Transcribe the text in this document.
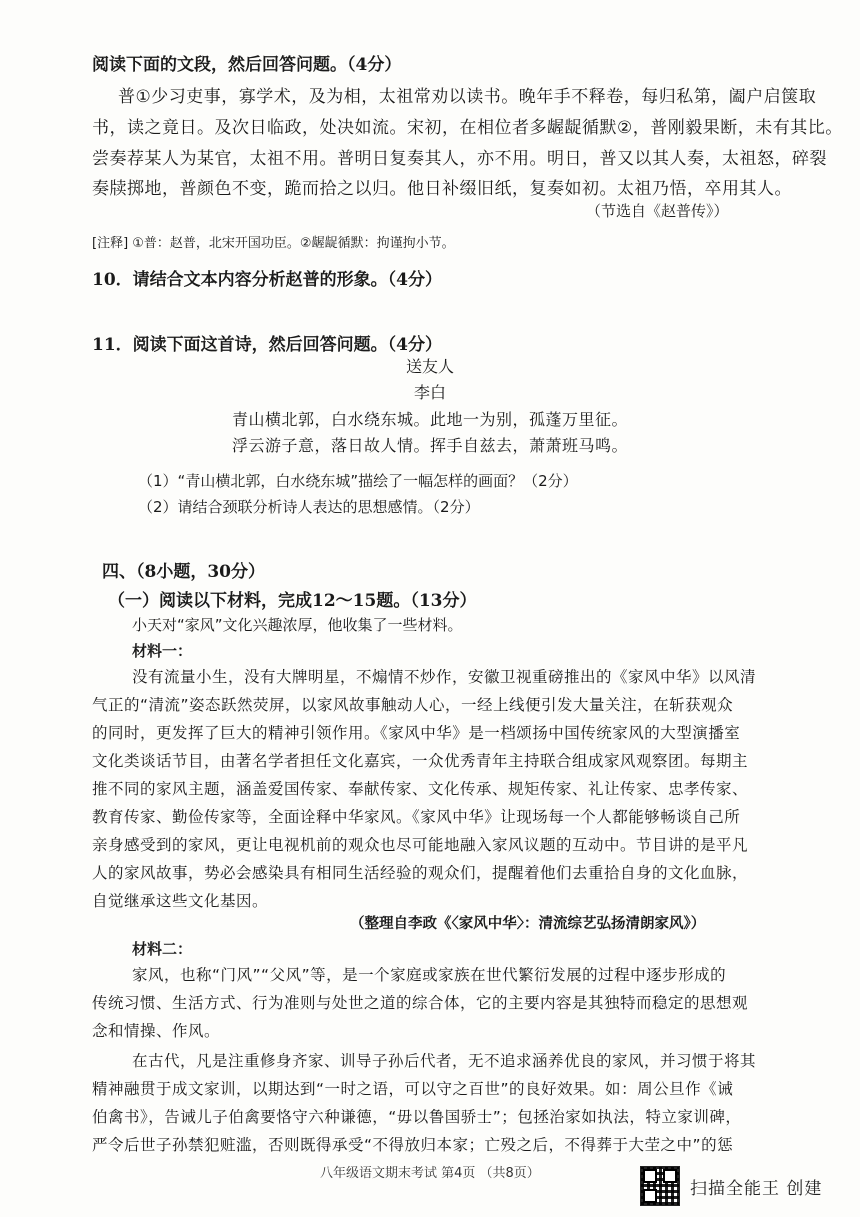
阅读下面的文段，然后回答问题。（4分）
普①少习吏事，寡学术，及为相，太祖常劝以读书。晚年手不释卷，每归私第，阖户启箧取
书，读之竟日。及次日临政，处决如流。宋初，在相位者多龌龊循默②，普刚毅果断，未有其比。
尝奏荐某人为某官，太祖不用。普明日复奏其人，亦不用。明日，普又以其人奏，太祖怒，碎裂
奏牍掷地，普颜色不变，跪而拾之以归。他日补缀旧纸，复奏如初。太祖乃悟，卒用其人。
（节选自《赵普传》）
[注释] ①普：赵普，北宋开国功臣。②龌龊循默：拘谨拘小节。
10．请结合文本内容分析赵普的形象。（4分）
11．阅读下面这首诗，然后回答问题。（4分）
送友人
李白
青山横北郭，白水绕东城。此地一为别，孤蓬万里征。
浮云游子意，落日故人情。挥手自兹去，萧萧班马鸣。
（1）“青山横北郭，白水绕东城”描绘了一幅怎样的画面？（2分）
（2）请结合颈联分析诗人表达的思想感情。（2分）
四、（8小题，30分）
（一）阅读以下材料，完成12～15题。（13分）
小天对“家风”文化兴趣浓厚，他收集了一些材料。
材料一：
没有流量小生，没有大牌明星，不煽情不炒作，安徽卫视重磅推出的《家风中华》以风清
气正的“清流”姿态跃然荧屏，以家风故事触动人心，一经上线便引发大量关注，在斩获观众
的同时，更发挥了巨大的精神引领作用。《家风中华》是一档颂扬中国传统家风的大型演播室
文化类谈话节目，由著名学者担任文化嘉宾，一众优秀青年主持联合组成家风观察团。每期主
推不同的家风主题，涵盖爱国传家、奉献传家、文化传承、规矩传家、礼让传家、忠孝传家、
教育传家、勤俭传家等，全面诠释中华家风。《家风中华》让现场每一个人都能够畅谈自己所
亲身感受到的家风，更让电视机前的观众也尽可能地融入家风议题的互动中。节目讲的是平凡
人的家风故事，势必会感染具有相同生活经验的观众们，提醒着他们去重拾自身的文化血脉，
自觉继承这些文化基因。
（整理自李政《〈家风中华〉：清流综艺弘扬清朗家风》）
材料二：
家风，也称“门风”“父风”等，是一个家庭或家族在世代繁衍发展的过程中逐步形成的
传统习惯、生活方式、行为准则与处世之道的综合体，它的主要内容是其独特而稳定的思想观
念和情操、作风。
在古代，凡是注重修身齐家、训导子孙后代者，无不追求涵养优良的家风，并习惯于将其
精神融贯于成文家训，以期达到“一时之语，可以守之百世”的良好效果。如：周公旦作《诫
伯禽书》，告诫儿子伯禽要恪守六种谦德，“毋以鲁国骄士”；包拯治家如执法，特立家训碑，
严令后世子孙禁犯赃滥，否则既得承受“不得放归本家；亡殁之后，不得葬于大茔之中”的惩
八年级语文期末考试 第4页 （共8页）
扫描全能王 创建
